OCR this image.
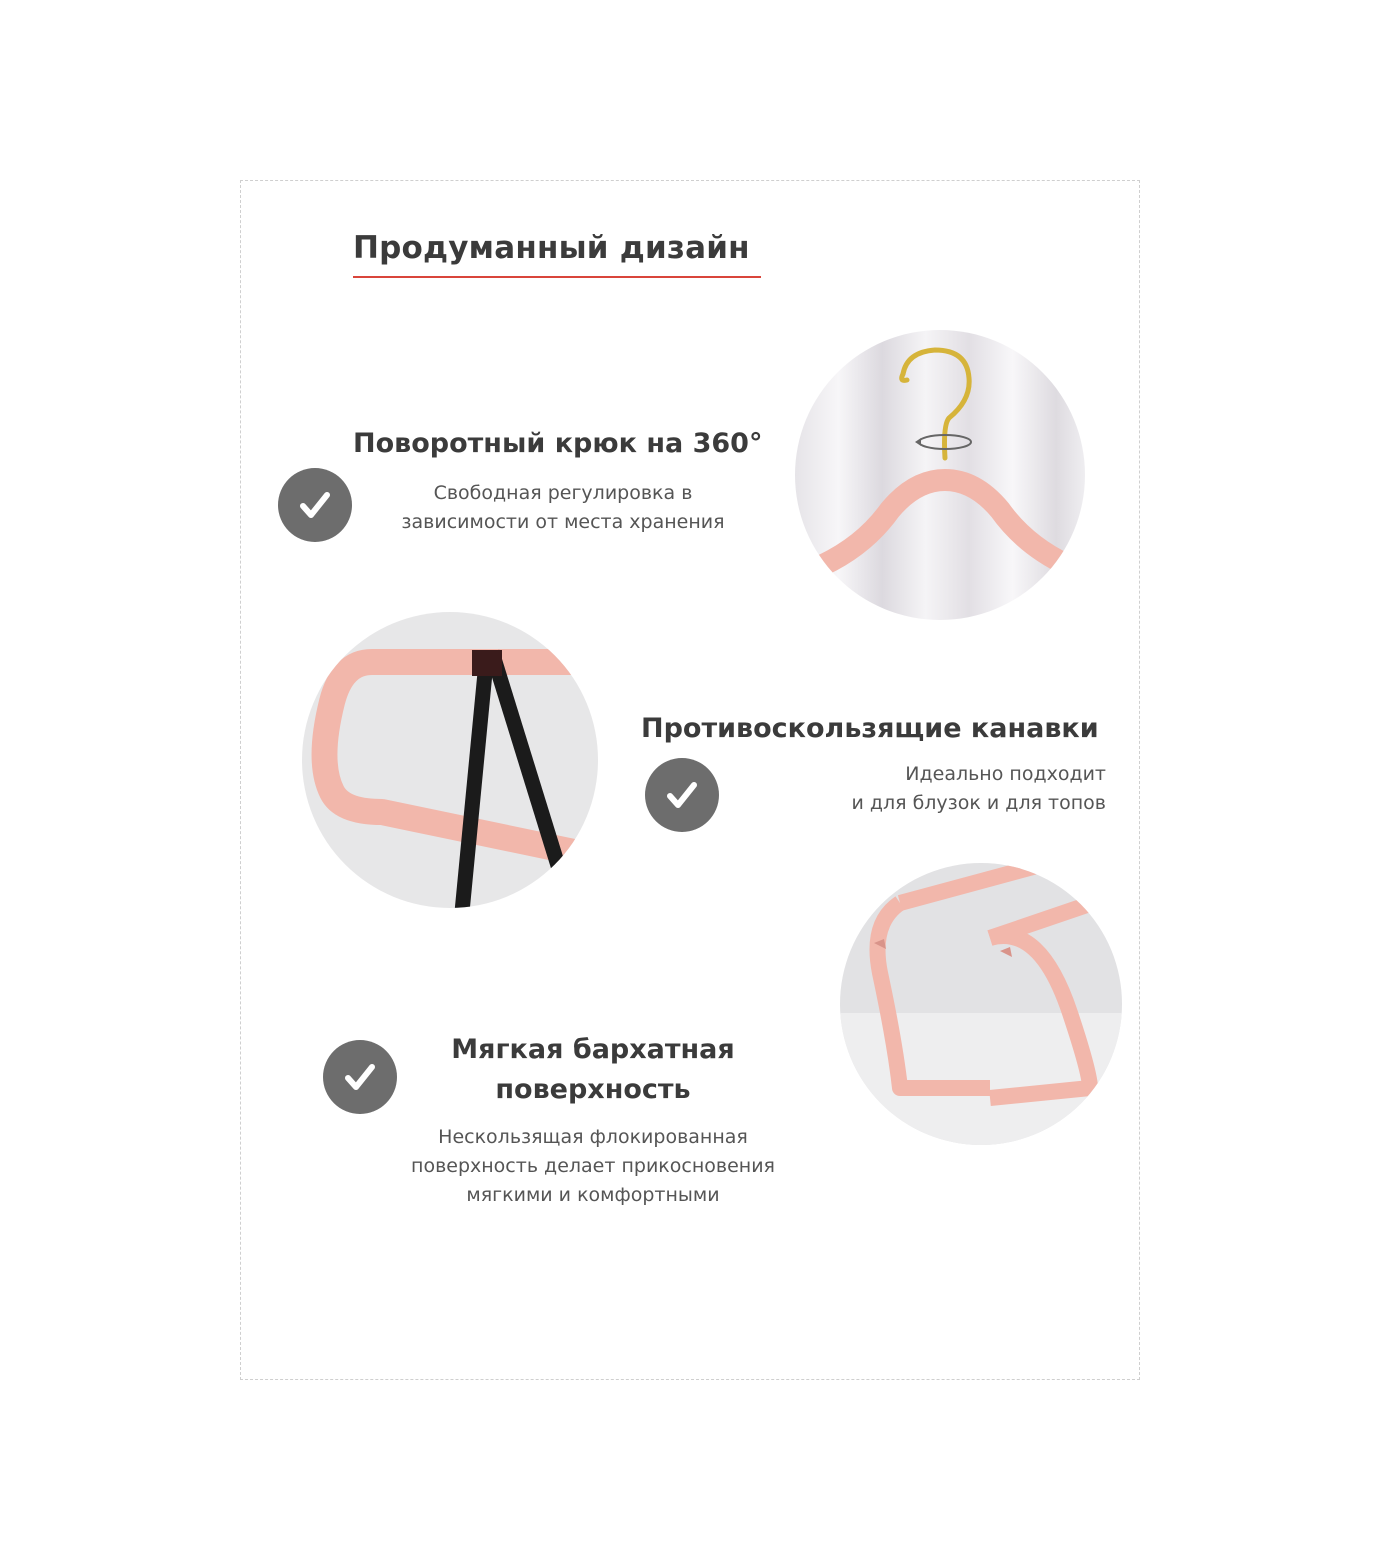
Продуманный дизайн
Поворотный крюк на 360°

Свободная регулировка в
зависимости от места хранения

Противоскользящие канавки

Идеально подходит
и для блузок и для топов

Мягкая бархатная
поверхность

Нескользящая флокированная
поверхность делает прикосновения
мягкими и комфортными
